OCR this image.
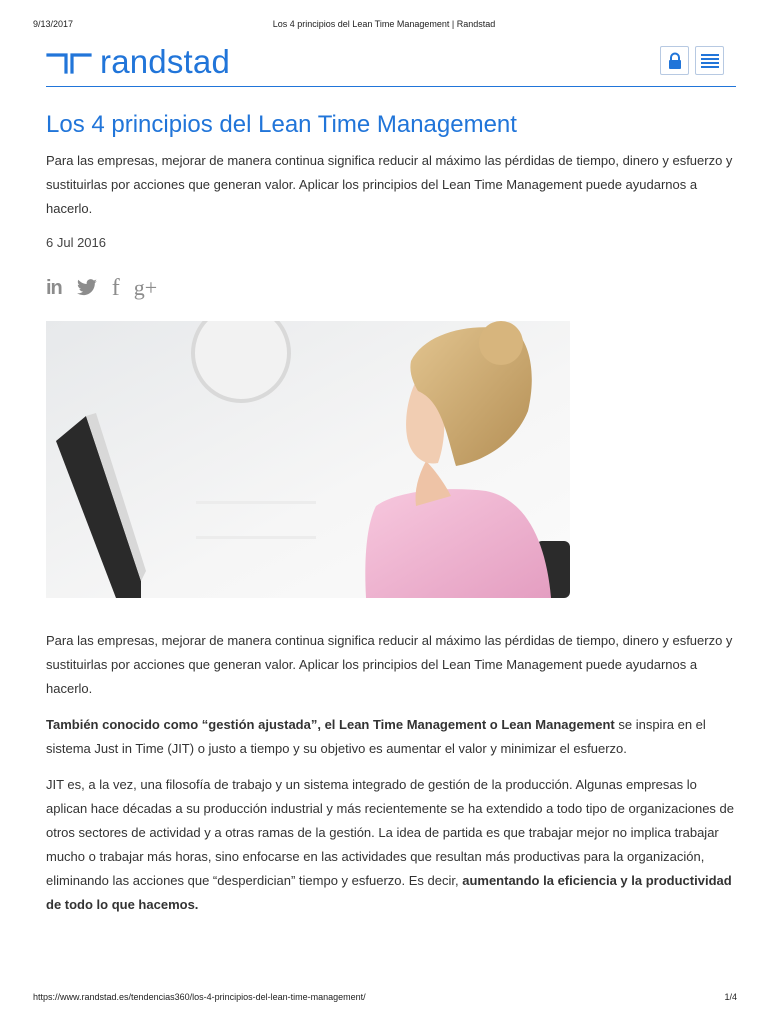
9/13/2017	Los 4 principios del Lean Time Management | Randstad
randstad
Los 4 principios del Lean Time Management

Para las empresas, mejorar de manera continua significa reducir al máximo las pérdidas de tiempo, dinero y esfuerzo y sustituirlas por acciones que generan valor. Aplicar los principios del Lean Time Management puede ayudarnos a hacerlo.

6 Jul 2016
in f g+

Para las empresas, mejorar de manera continua significa reducir al máximo las pérdidas de tiempo, dinero y esfuerzo y sustituirlas por acciones que generan valor. Aplicar los principios del Lean Time Management puede ayudarnos a hacerlo.

También conocido como “gestión ajustada”, el Lean Time Management o Lean Management se inspira en el sistema Just in Time (JIT) o justo a tiempo y su objetivo es aumentar el valor y minimizar el esfuerzo.

JIT es, a la vez, una filosofía de trabajo y un sistema integrado de gestión de la producción. Algunas empresas lo aplican hace décadas a su producción industrial y más recientemente se ha extendido a todo tipo de organizaciones de otros sectores de actividad y a otras ramas de la gestión. La idea de partida es que trabajar mejor no implica trabajar mucho o trabajar más horas, sino enfocarse en las actividades que resultan más productivas para la organización, eliminando las acciones que “desperdician” tiempo y esfuerzo. Es decir, aumentando la eficiencia y la productividad de todo lo que hacemos.

https://www.randstad.es/tendencias360/los-4-principios-del-lean-time-management/	1/4
